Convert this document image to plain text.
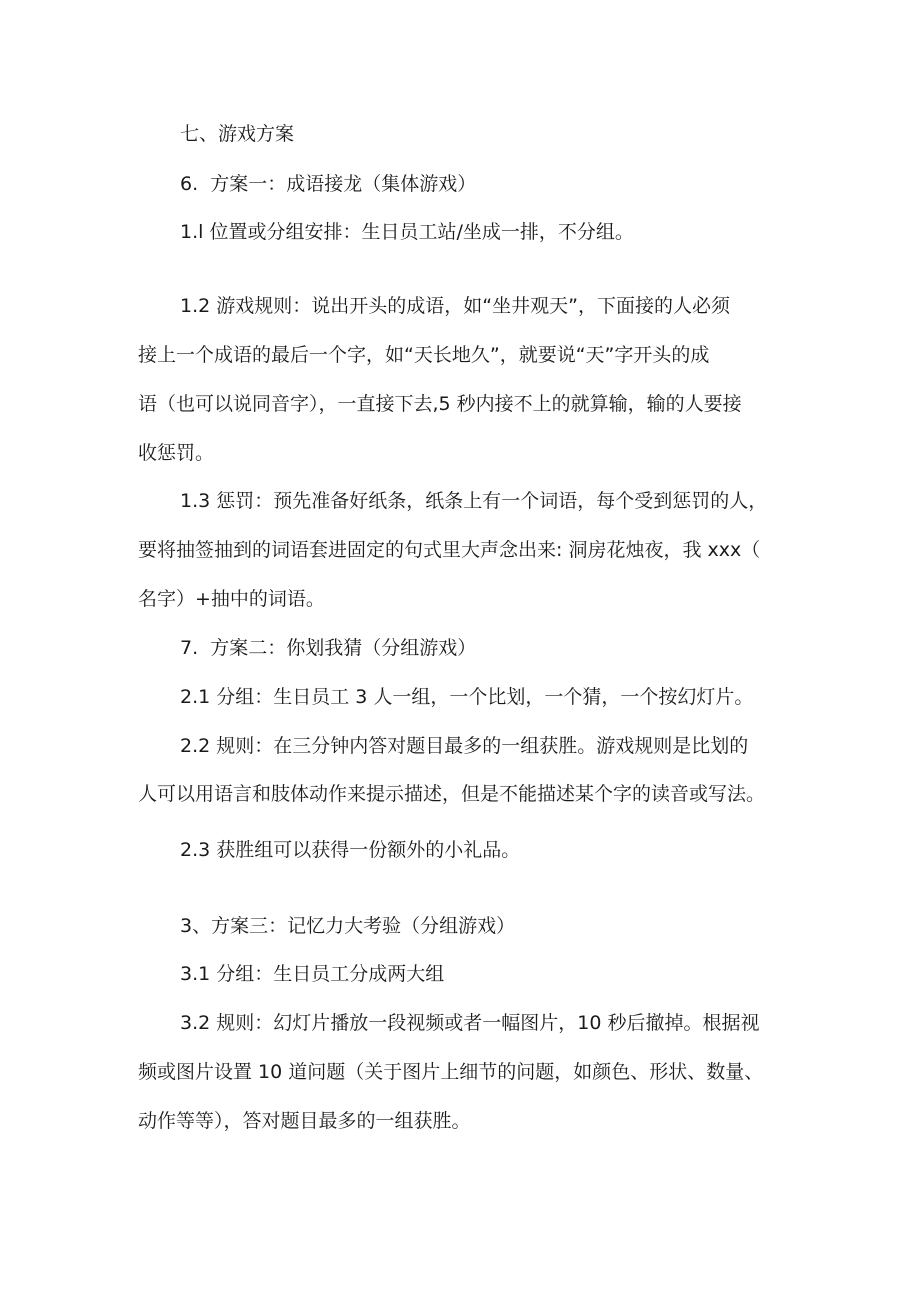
七、游戏方案

6.  方案一：成语接龙（集体游戏）

1.l 位置或分组安排：生日员工站/坐成一排，不分组。

1.2 游戏规则：说出开头的成语，如“坐井观天”，下面接的人必须

接上一个成语的最后一个字，如“天长地久”，就要说“天”字开头的成

语（也可以说同音字），一直接下去,5 秒内接不上的就算输，输的人要接

收惩罚。

1.3 惩罚：预先准备好纸条，纸条上有一个词语，每个受到惩罚的人，

要将抽签抽到的词语套进固定的句式里大声念出来: 洞房花烛夜，我 xxx（

名字）+抽中的词语。

7.  方案二：你划我猜（分组游戏）

2.1 分组：生日员工 3 人一组，一个比划，一个猜，一个按幻灯片。

2.2 规则：在三分钟内答对题目最多的一组获胜。游戏规则是比划的

人可以用语言和肢体动作来提示描述，但是不能描述某个字的读音或写法。

2.3 获胜组可以获得一份额外的小礼品。

3、方案三：记忆力大考验（分组游戏）

3.1 分组：生日员工分成两大组

3.2 规则：幻灯片播放一段视频或者一幅图片，10 秒后撤掉。根据视

频或图片设置 10 道问题（关于图片上细节的问题，如颜色、形状、数量、

动作等等），答对题目最多的一组获胜。
